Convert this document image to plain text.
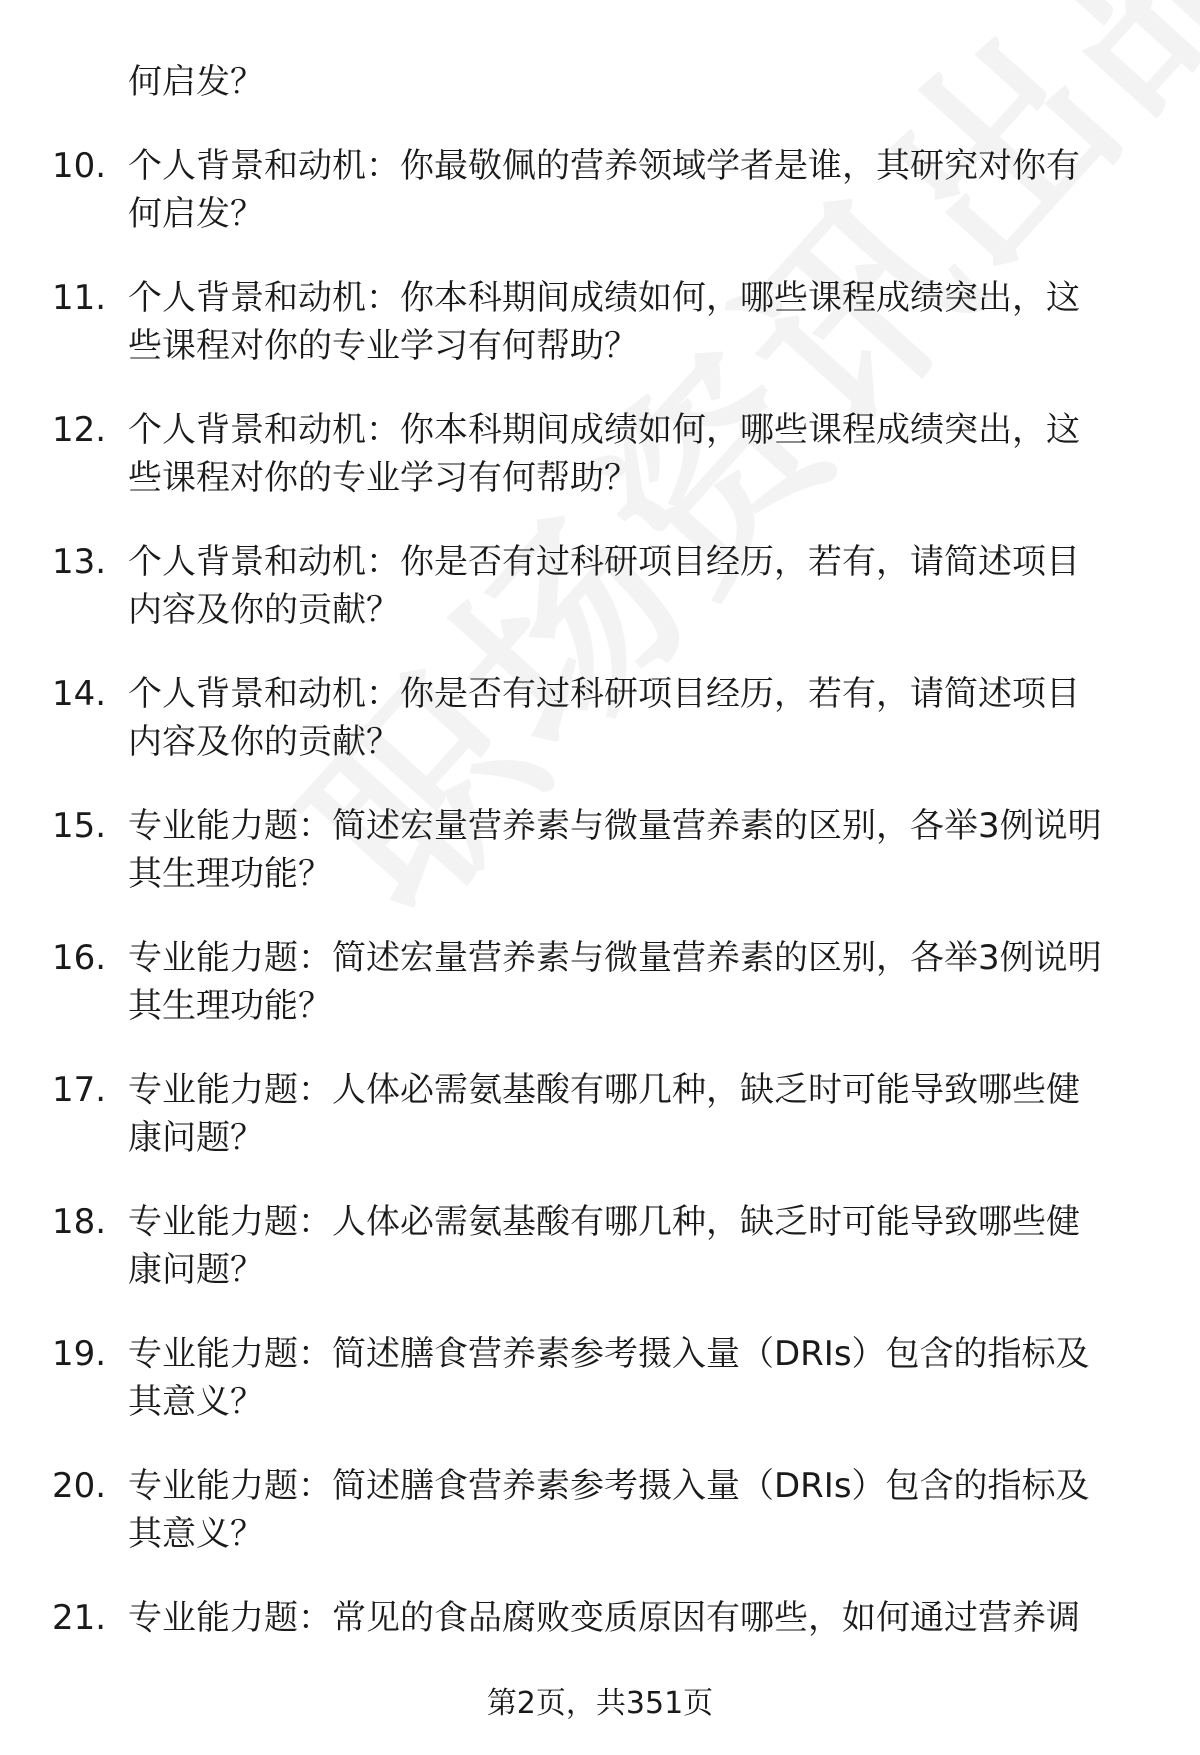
何启发？
10. 个人背景和动机：你最敬佩的营养领域学者是谁，其研究对你有
何启发？
11. 个人背景和动机：你本科期间成绩如何，哪些课程成绩突出，这
些课程对你的专业学习有何帮助？
12. 个人背景和动机：你本科期间成绩如何，哪些课程成绩突出，这
些课程对你的专业学习有何帮助？
13. 个人背景和动机：你是否有过科研项目经历，若有，请简述项目
内容及你的贡献？
14. 个人背景和动机：你是否有过科研项目经历，若有，请简述项目
内容及你的贡献？
15. 专业能力题：简述宏量营养素与微量营养素的区别，各举3例说明
其生理功能？
16. 专业能力题：简述宏量营养素与微量营养素的区别，各举3例说明
其生理功能？
17. 专业能力题：人体必需氨基酸有哪几种，缺乏时可能导致哪些健
康问题？
18. 专业能力题：人体必需氨基酸有哪几种，缺乏时可能导致哪些健
康问题？
19. 专业能力题：简述膳食营养素参考摄入量（DRIs）包含的指标及
其意义？
20. 专业能力题：简述膳食营养素参考摄入量（DRIs）包含的指标及
其意义？
21. 专业能力题：常见的食品腐败变质原因有哪些，如何通过营养调
第2页，共351页
